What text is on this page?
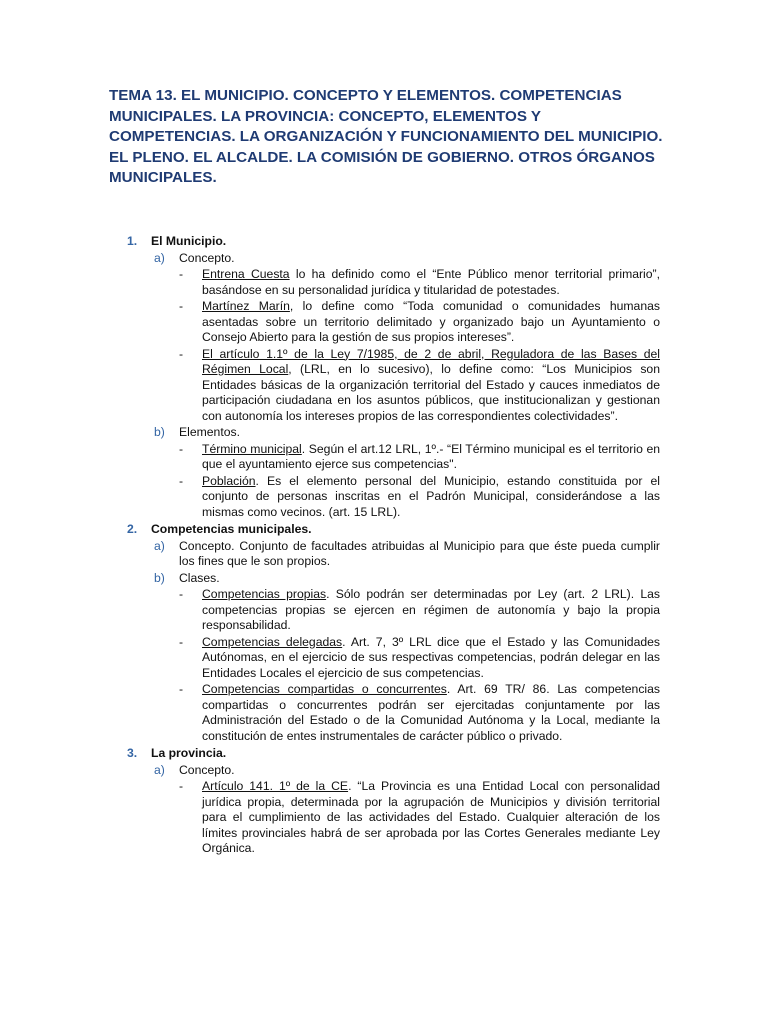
TEMA 13. EL MUNICIPIO. CONCEPTO Y ELEMENTOS. COMPETENCIAS MUNICIPALES. LA PROVINCIA: CONCEPTO, ELEMENTOS Y COMPETENCIAS. LA ORGANIZACIÓN Y FUNCIONAMIENTO DEL MUNICIPIO. EL PLENO. EL ALCALDE. LA COMISIÓN DE GOBIERNO. OTROS ÓRGANOS MUNICIPALES.
1. El Municipio.
a) Concepto.
- Entrena Cuesta lo ha definido como el “Ente Público menor territorial primario”, basándose en su personalidad jurídica y titularidad de potestades.
- Martínez Marín, lo define como “Toda comunidad o comunidades humanas asentadas sobre un territorio delimitado y organizado bajo un Ayuntamiento o Consejo Abierto para la gestión de sus propios intereses”.
- El artículo 1.1º de la Ley 7/1985, de 2 de abril, Reguladora de las Bases del Régimen Local, (LRL, en lo sucesivo), lo define como: “Los Municipios son Entidades básicas de la organización territorial del Estado y cauces inmediatos de participación ciudadana en los asuntos públicos, que institucionalizan y gestionan con autonomía los intereses propios de las correspondientes colectividades”.
b) Elementos.
- Término municipal. Según el art.12 LRL, 1º.- “El Término municipal es el territorio en que el ayuntamiento ejerce sus competencias".
- Población. Es el elemento personal del Municipio, estando constituida por el conjunto de personas inscritas en el Padrón Municipal, considerándose a las mismas como vecinos. (art. 15 LRL).
2. Competencias municipales.
a) Concepto. Conjunto de facultades atribuidas al Municipio para que éste pueda cumplir los fines que le son propios.
b) Clases.
- Competencias propias. Sólo podrán ser determinadas por Ley (art. 2 LRL). Las competencias propias se ejercen en régimen de autonomía y bajo la propia responsabilidad.
- Competencias delegadas. Art. 7, 3º LRL dice que el Estado y las Comunidades Autónomas, en el ejercicio de sus respectivas competencias, podrán delegar en las Entidades Locales el ejercicio de sus competencias.
- Competencias compartidas o concurrentes. Art. 69 TR/ 86. Las competencias compartidas o concurrentes podrán ser ejercitadas conjuntamente por las Administración del Estado o de la Comunidad Autónoma y la Local, mediante la constitución de entes instrumentales de carácter público o privado.
3. La provincia.
a) Concepto.
- Artículo 141. 1º de la CE. “La Provincia es una Entidad Local con personalidad jurídica propia, determinada por la agrupación de Municipios y división territorial para el cumplimiento de las actividades del Estado. Cualquier alteración de los límites provinciales habrá de ser aprobada por las Cortes Generales mediante Ley Orgánica.
